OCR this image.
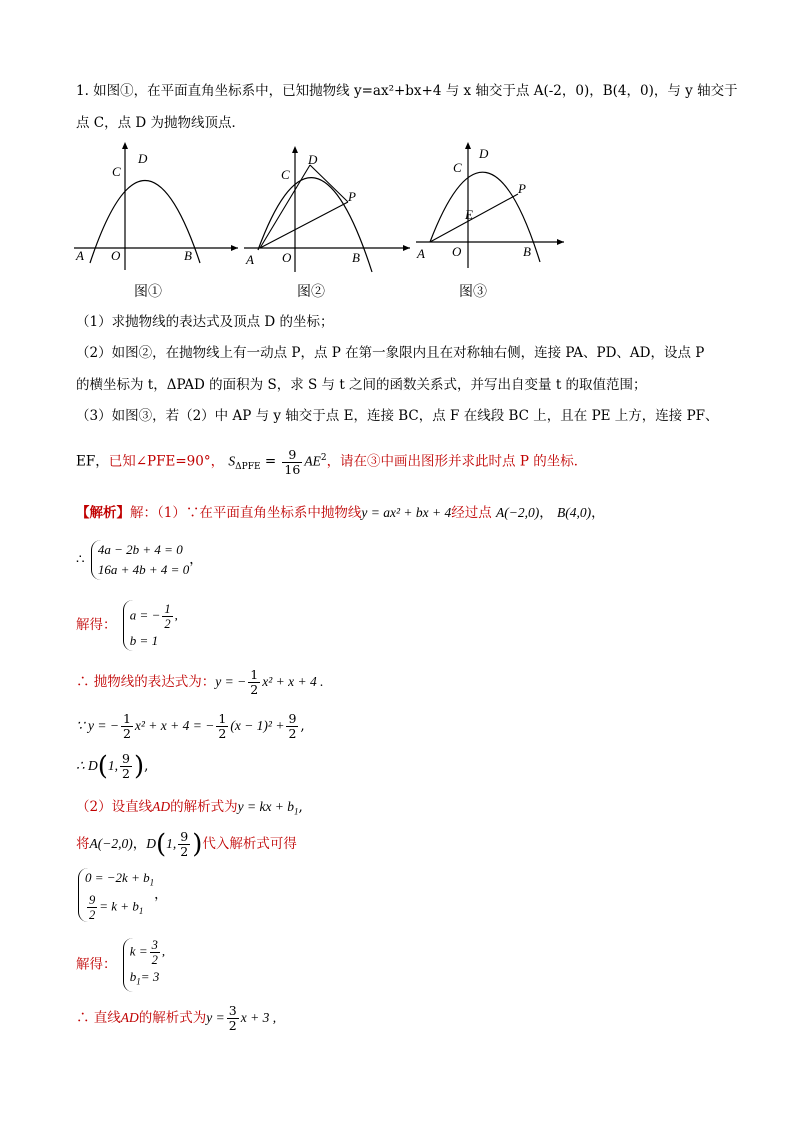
1. 如图①，在平面直角坐标系中，已知抛物线 y=ax²+bx+4 与 x 轴交于点 A(-2，0)，B(4，0)，与 y 轴交于
点 C，点 D 为抛物线顶点．
A O	B
C
D
图①
A O	B
C
D
P
图②
A O	B
C
D
P
E
图③
（1）求抛物线的表达式及顶点 D 的坐标；
（2）如图②，在抛物线上有一动点 P，点 P 在第一象限内且在对称轴右侧，连接 PA、PD、AD，设点 P
的横坐标为 t，ΔPAD 的面积为 S，求 S 与 t 之间的函数关系式，并写出自变量 t 的取值范围；
（3）如图③，若（2）中 AP 与 y 轴交于点 E，连接 BC，点 F 在线段 BC 上，且在 PE 上方，连接 PF、
EF，已知∠PFE=90°， $S_{\Delta PFE} = \frac{9}{16} AE^2$，请在③中画出图形并求此时点 P 的坐标．
【解析】解：（1）∵在平面直角坐标系中抛物线y = ax² + bx + 4经过点 A(−2,0)， B(4,0)，
∴
4a − 2b + 4 = 0
16a + 4b + 4 = 0
，
解得：
a = − $\frac{1}{2}$ ,
b = 1
∴ 抛物线的表达式为：y = − $\frac{1}{2} x^2 + x + 4$ .
∵ y = − $\frac{1}{2} x^2 + x + 4$ = − $\frac{1}{2} (x - 1)^2 + \frac{9}{2}$ ,
∴ D(1, $\frac{9}{2}$ ),
（2）设直线AD的解析式为y = kx + $b_1$,
将A(−2,0)，D(1, $\frac{9}{2}$ )代入解析式可得
$0 = -2k + b_1$
$\frac{9}{2} = k + b_1$
，
解得：
$k = \frac{3}{2}$ ,
$b_1= 3$
∴ 直线AD的解析式为$y = \frac{3}{2}$ x + 3 ,
